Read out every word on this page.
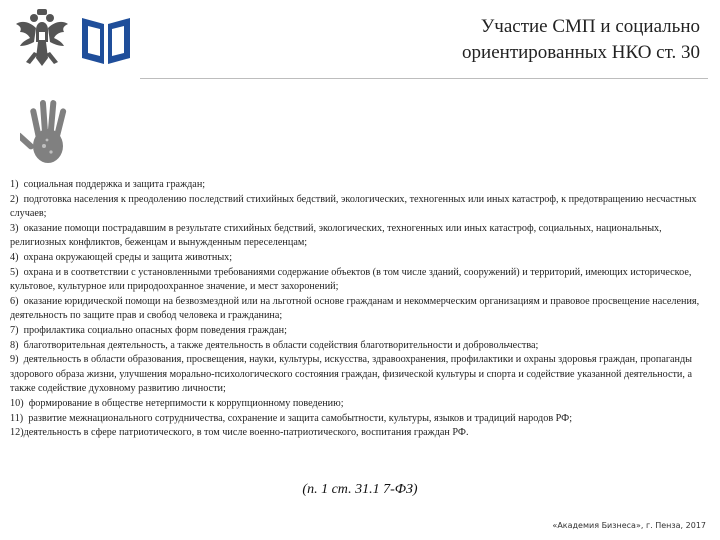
Участие СМП и социально
ориентированных НКО ст. 30

1) социальная поддержка и защита граждан;

2) подготовка населения к преодолению последствий стихийных бедствий, экологических, техногенных или иных катастроф, к предотвращению несчастных случаев;

3) оказание помощи пострадавшим в результате стихийных бедствий, экологических, техногенных или иных катастроф, социальных, национальных, религиозных конфликтов, беженцам и вынужденным переселенцам;

4) охрана окружающей среды и защита животных;

5) охрана и в соответствии с установленными требованиями содержание объектов (в том числе зданий, сооружений) и территорий, имеющих историческое, культовое, культурное или природоохранное значение, и мест захоронений;

6) оказание юридической помощи на безвозмездной или на льготной основе гражданам и некоммерческим организациям и правовое просвещение населения, деятельность по защите прав и свобод человека и гражданина;

7) профилактика социально опасных форм поведения граждан;

8) благотворительная деятельность, а также деятельность в области содействия благотворительности и добровольчества;

9) деятельность в области образования, просвещения, науки, культуры, искусства, здравоохранения, профилактики и охраны здоровья граждан, пропаганды здорового образа жизни, улучшения морально-психологического состояния граждан, физической культуры и спорта и содействие указанной деятельности, а также содействие духовному развитию личности;

10) формирование в обществе нетерпимости к коррупционному поведению;

11) развитие межнационального сотрудничества, сохранение и защита самобытности, культуры, языков и традиций народов РФ;

12)деятельность в сфере патриотического, в том числе военно-патриотического, воспитания граждан РФ.

(п. 1 ст. 31.1 7-ФЗ)
«Академия Бизнеса», г. Пенза, 2017
